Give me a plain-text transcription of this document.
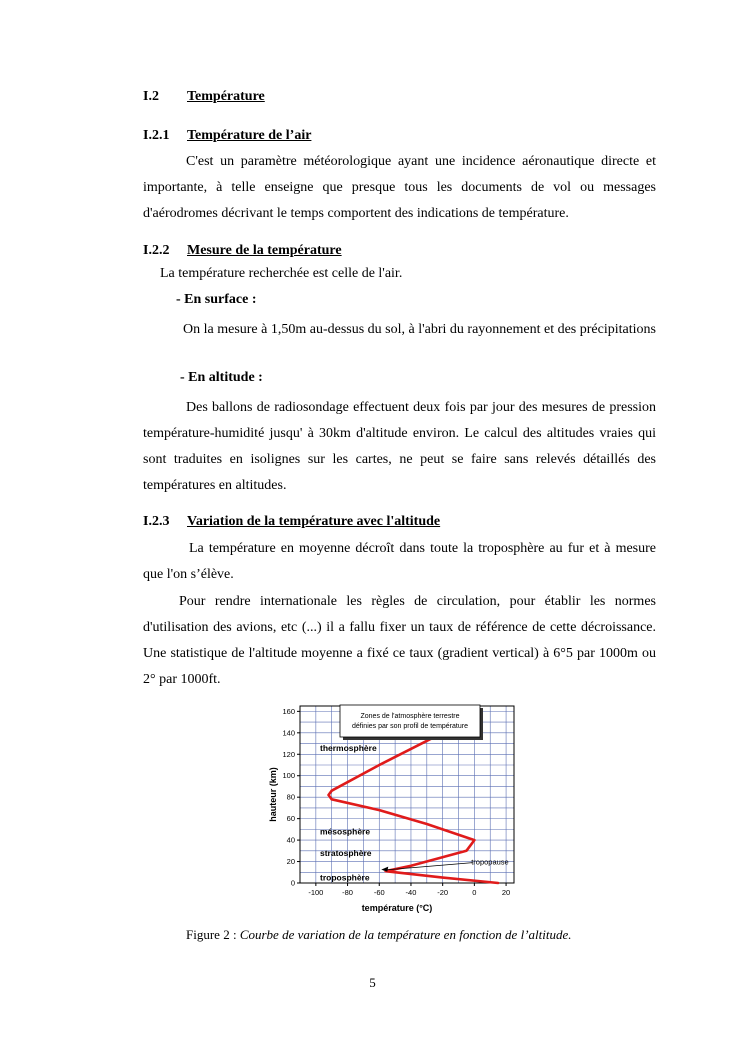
I.2 Température
I.2.1 Température de l’air
C'est un paramètre météorologique ayant une incidence aéronautique directe et importante, à telle enseigne que presque tous les documents de vol ou messages d'aérodromes décrivant le temps comportent des indications de température.
I.2.2 Mesure de la température
La température recherchée est celle de l'air.
- En surface :
On la mesure à 1,50m au-dessus du sol, à l'abri du rayonnement et des précipitations
- En altitude :
Des ballons de radiosondage effectuent deux fois par jour des mesures de pression température-humidité jusqu' à 30km d'altitude environ. Le calcul des altitudes vraies qui sont traduites en isolignes sur les cartes, ne peut se faire sans relevés détaillés des températures en altitudes.
I.2.3 Variation de la température avec l'altitude
La température en moyenne décroît dans toute la troposphère au fur et à mesure que l'on s’élève.
Pour rendre internationale les règles de circulation, pour établir les normes d'utilisation des avions, etc (...) il a fallu fixer un taux de référence de cette décroissance. Une statistique de l'altitude moyenne a fixé ce taux (gradient vertical) à 6°5 par 1000m ou 2° par 1000ft.
-100	-80	-60	-40	-20	0	20
0
20
40
60
80
100
120
140
160
température (°C)
hauteur (km)
thermosphère
mésosphère
stratosphère
troposphère
Zones de l'atmosphère terrestre
définies par son profil de température
tropopause
Figure 2 : Courbe de variation de la température en fonction de l’altitude.
5
